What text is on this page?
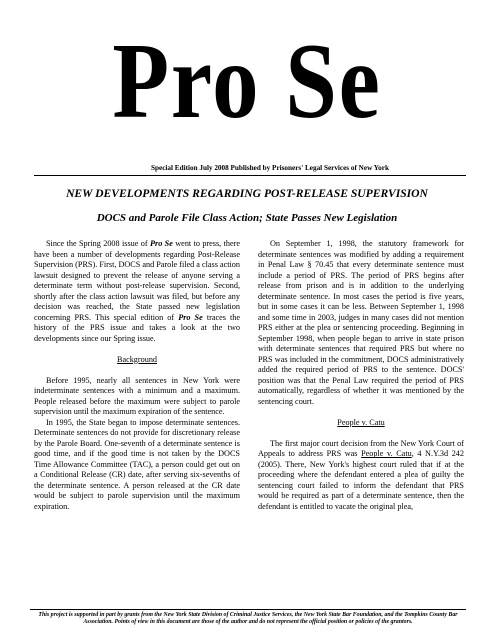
Pro Se
Special Edition July 2008 Published by Prisoners' Legal Services of New York
NEW DEVELOPMENTS REGARDING POST-RELEASE SUPERVISION
DOCS and Parole File Class Action; State Passes New Legislation

Since the Spring 2008 issue of Pro Se went to press, there have been a number of developments regarding Post-Release Supervision (PRS). First, DOCS and Parole filed a class action lawsuit designed to prevent the release of anyone serving a determinate term without post-release supervision. Second, shortly after the class action lawsuit was filed, but before any decision was reached, the State passed new legislation concerning PRS. This special edition of Pro Se traces the history of the PRS issue and takes a look at the two developments since our Spring issue.

Background

Before 1995, nearly all sentences in New York were indeterminate sentences with a minimum and a maximum. People released before the maximum were subject to parole supervision until the maximum expiration of the sentence.

In 1995, the State began to impose determinate sentences. Determinate sentences do not provide for discretionary release by the Parole Board. One-seventh of a determinate sentence is good time, and if the good time is not taken by the DOCS Time Allowance Committee (TAC), a person could get out on a Conditional Release (CR) date, after serving six-sevenths of the determinate sentence. A person released at the CR date would be subject to parole supervision until the maximum expiration.

On September 1, 1998, the statutory framework for determinate sentences was modified by adding a requirement in Penal Law § 70.45 that every determinate sentence must include a period of PRS. The period of PRS begins after release from prison and is in addition to the underlying determinate sentence. In most cases the period is five years, but in some cases it can be less. Between September 1, 1998 and some time in 2003, judges in many cases did not mention PRS either at the plea or sentencing proceeding. Beginning in September 1998, when people began to arrive in state prison with determinate sentences that required PRS but where no PRS was included in the commitment, DOCS administratively added the required period of PRS to the sentence. DOCS' position was that the Penal Law required the period of PRS automatically, regardless of whether it was mentioned by the sentencing court.

People v. Catu

The first major court decision from the New York Court of Appeals to address PRS was People v. Catu, 4 N.Y.3d 242 (2005). There, New York's highest court ruled that if at the proceeding where the defendant entered a plea of guilty the sentencing court failed to inform the defendant that PRS would be required as part of a determinate sentence, then the defendant is entitled to vacate the original plea,

This project is supported in part by grants from the New York State Division of Criminal Justice Services, the New York State Bar Foundation, and the Tompkins County Bar Association. Points of view in this document are those of the author and do not represent the official position or policies of the grantors.
